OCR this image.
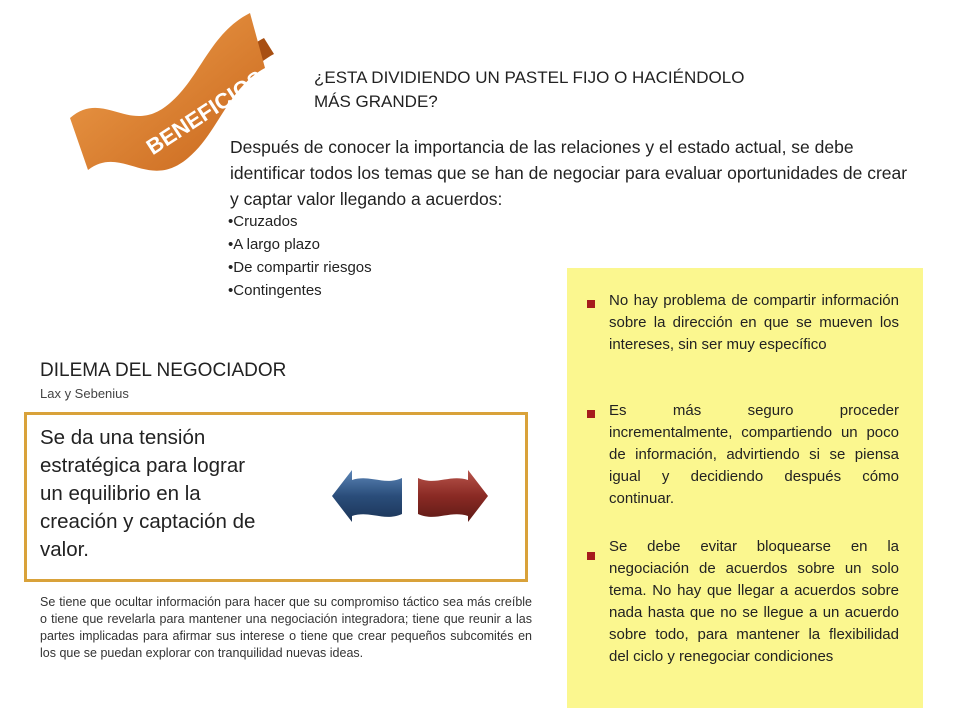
BENEFICIOS	¿ESTA DIVIDIENDO UN PASTEL FIJO O HACIÉNDOLO
MÁS GRANDE?
Después de conocer la importancia de las relaciones y el estado actual, se debe identificar todos los temas que se han de negociar para evaluar oportunidades de crear y captar valor llegando a acuerdos:
• Cruzados
• A largo plazo
• De compartir riesgos
• Contingentes
DILEMA DEL NEGOCIADOR
Lax y Sebenius
Se da una tensión estratégica para lograr un equilibrio en la creación y captación de valor.
Se tiene que ocultar información para hacer que su compromiso táctico sea más creíble o tiene que revelarla para mantener una negociación integradora; tiene que reunir a las partes implicadas para afirmar sus interese o tiene que crear pequeños subcomités en los que se puedan explorar con tranquilidad nuevas ideas.
No hay problema de compartir información sobre la dirección en que se mueven los intereses, sin ser muy específico
Es más seguro proceder incrementalmente, compartiendo un poco de información, advirtiendo si se piensa igual y decidiendo después cómo continuar.
Se debe evitar bloquearse en la negociación de acuerdos sobre un solo tema. No hay que llegar a acuerdos sobre nada hasta que no se llegue a un acuerdo sobre todo, para mantener la flexibilidad del ciclo y renegociar condiciones
